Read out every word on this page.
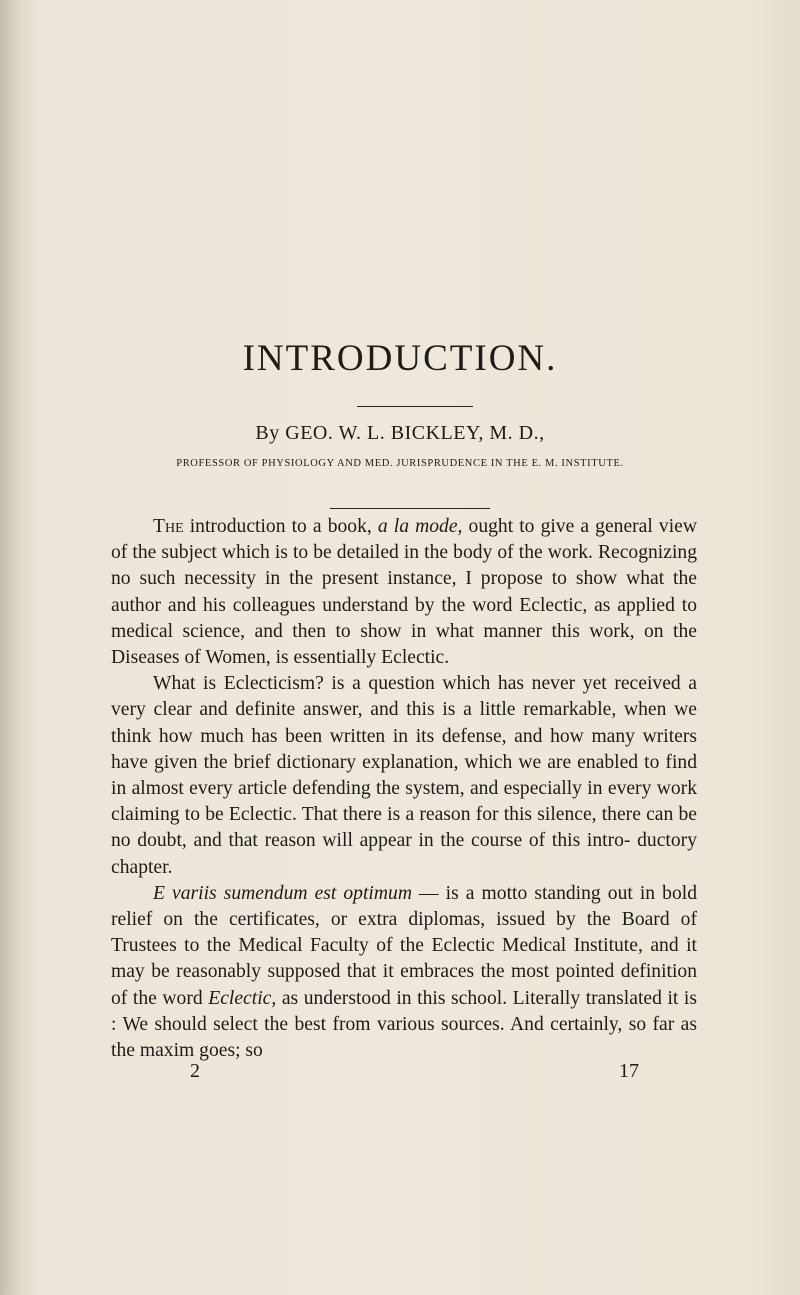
INTRODUCTION.
By GEO. W. L. BICKLEY, M. D.,
PROFESSOR OF PHYSIOLOGY AND MED. JURISPRUDENCE IN THE E. M. INSTITUTE.

The introduction to a book, a la mode, ought to give a general view of the subject which is to be detailed in the body of the work. Recognizing no such necessity in the present instance, I propose to show what the author and his colleagues understand by the word Eclectic, as applied to medical science, and then to show in what manner this work, on the Diseases of Women, is essentially Eclectic.

What is Eclecticism? is a question which has never yet received a very clear and definite answer, and this is a little remarkable, when we think how much has been written in its defense, and how many writers have given the brief dictionary explanation, which we are enabled to find in almost every article defending the system, and especially in every work claiming to be Eclectic. That there is a reason for this silence, there can be no doubt, and that reason will appear in the course of this intro- ductory chapter.

E variis sumendum est optimum — is a motto standing out in bold relief on the certificates, or extra diplomas, issued by the Board of Trustees to the Medical Faculty of the Eclectic Medical Institute, and it may be reasonably supposed that it embraces the most pointed definition of the word Eclectic, as understood in this school. Literally translated it is : We should select the best from various sources. And certainly, so far as the maxim goes; so

2	17
